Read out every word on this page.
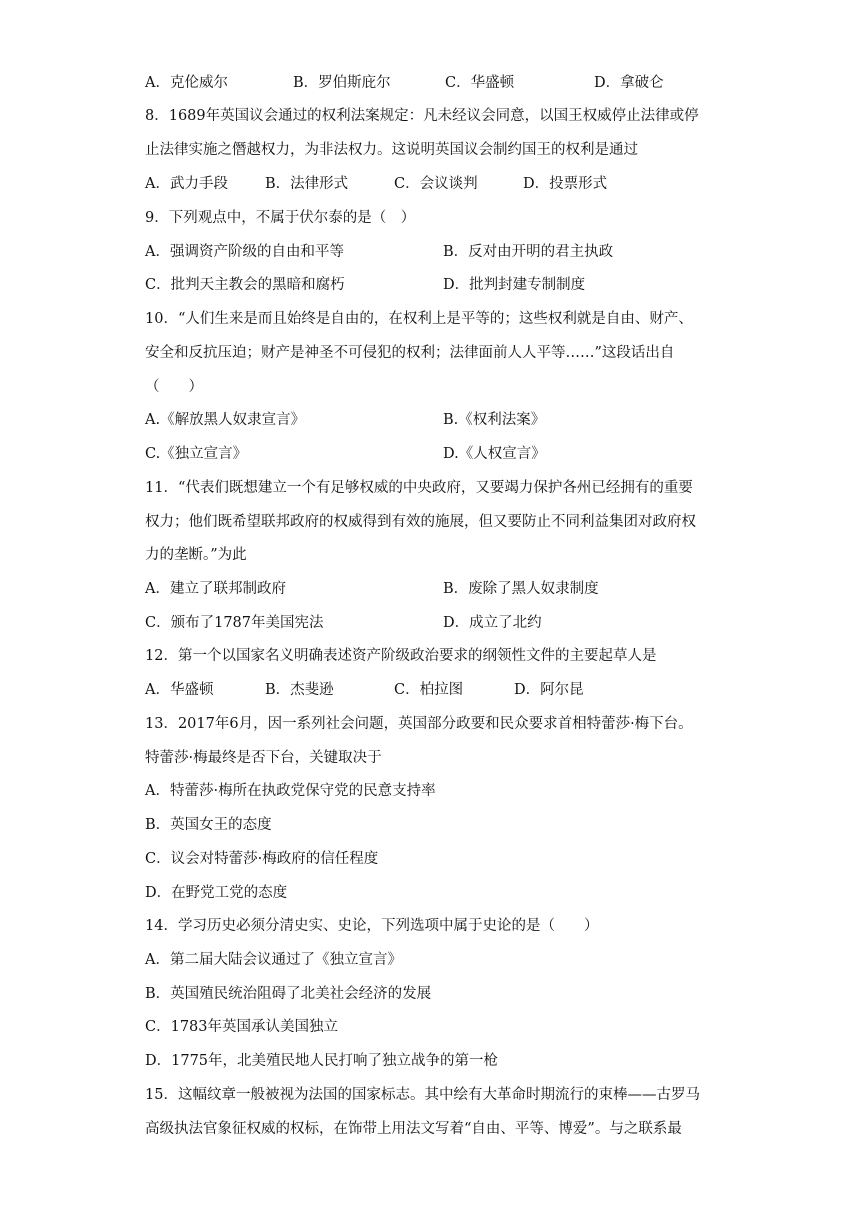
A．克伦威尔	B．罗伯斯庇尔	C．华盛顿	D．拿破仑
8．1689年英国议会通过的权利法案规定：凡未经议会同意，以国王权威停止法律或停
止法律实施之僭越权力，为非法权力。这说明英国议会制约国王的权利是通过
A．武力手段	B．法律形式	C．会议谈判	D．投票形式
9．下列观点中，不属于伏尔泰的是（　）
A．强调资产阶级的自由和平等	B．反对由开明的君主执政
C．批判天主教会的黑暗和腐朽	D．批判封建专制制度
10．“人们生来是而且始终是自由的，在权利上是平等的；这些权利就是自由、财产、
安全和反抗压迫；财产是神圣不可侵犯的权利；法律面前人人平等……”这段话出自
（　　）
A.《解放黑人奴隶宣言》	B.《权利法案》
C.《独立宣言》	D.《人权宣言》
11．“代表们既想建立一个有足够权威的中央政府，又要竭力保护各州已经拥有的重要
权力；他们既希望联邦政府的权威得到有效的施展，但又要防止不同利益集团对政府权
力的垄断。”为此
A．建立了联邦制政府	B．废除了黑人奴隶制度
C．颁布了1787年美国宪法	D．成立了北约
12．第一个以国家名义明确表述资产阶级政治要求的纲领性文件的主要起草人是
A．华盛顿	B．杰斐逊	C．柏拉图	D．阿尔昆
13．2017年6月，因一系列社会问题，英国部分政要和民众要求首相特蕾莎·梅下台。
特蕾莎·梅最终是否下台，关键取决于
A．特蕾莎·梅所在执政党保守党的民意支持率
B．英国女王的态度
C．议会对特蕾莎·梅政府的信任程度
D．在野党工党的态度
14．学习历史必须分清史实、史论，下列选项中属于史论的是（　　）
A．第二届大陆会议通过了《独立宣言》
B．英国殖民统治阻碍了北美社会经济的发展
C．1783年英国承认美国独立
D．1775年，北美殖民地人民打响了独立战争的第一枪
15．这幅纹章一般被视为法国的国家标志。其中绘有大革命时期流行的束棒——古罗马
高级执法官象征权威的权标，在饰带上用法文写着“自由、平等、博爱”。与之联系最
